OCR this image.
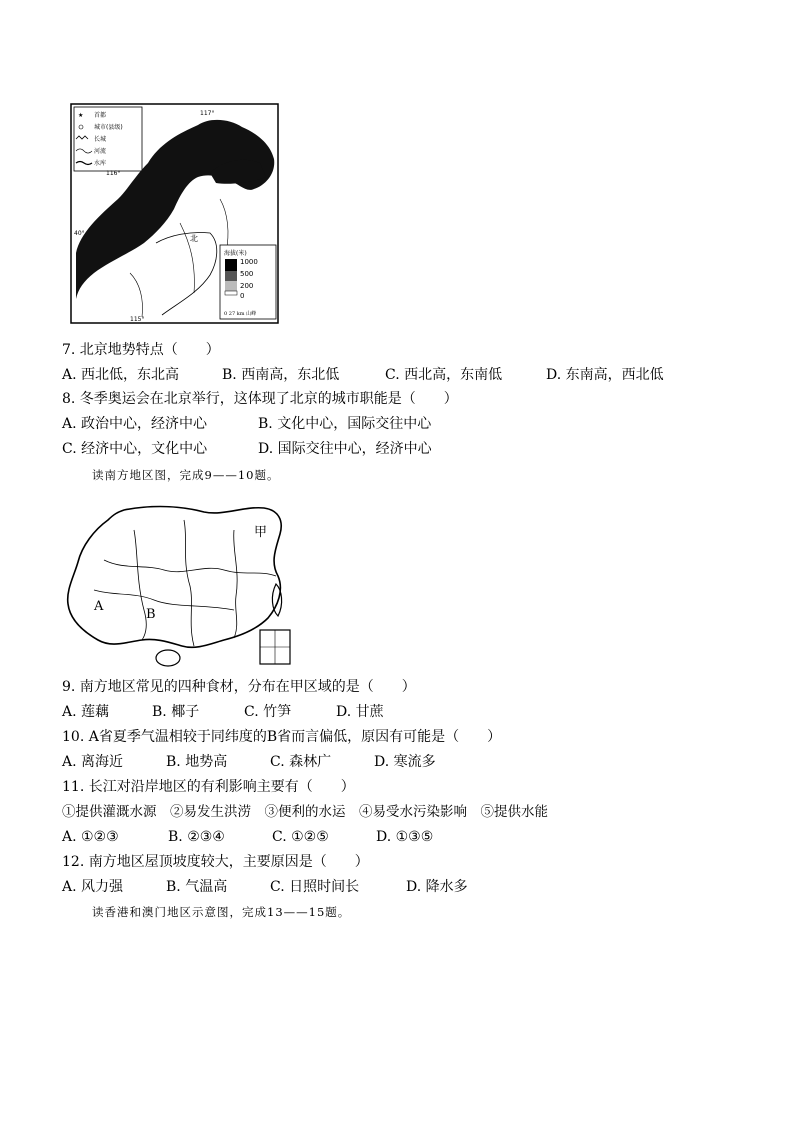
★ 首都
城市(县级)
长城
河流
水库
117°
116°
40°
115°
A
北
海拔(米)
1000
500
200
0
0 27 km 山峰
7. 北京地势特点（　　）
A. 西北低，东北高	B. 西南高，东北低	C. 西北高，东南低	D. 东南高，西北低
8. 冬季奥运会在北京举行，这体现了北京的城市职能是（　　）
A. 政治中心，经济中心	B. 文化中心，国际交往中心
C. 经济中心，文化中心	D. 国际交往中心，经济中心
读南方地区图，完成9——10题。
A
B
甲
9. 南方地区常见的四种食材，分布在甲区域的是（　　）
A. 莲藕	B. 椰子	C. 竹笋	D. 甘蔗
10. A省夏季气温相较于同纬度的B省而言偏低，原因有可能是（　　）
A. 离海近	B. 地势高	C. 森林广	D. 寒流多
11. 长江对沿岸地区的有利影响主要有（　　）
①提供灌溉水源　②易发生洪涝　③便利的水运　④易受水污染影响　⑤提供水能
A. ①②③	B. ②③④	C. ①②⑤	D. ①③⑤
12. 南方地区屋顶坡度较大，主要原因是（　　）
A. 风力强	B. 气温高	C. 日照时间长	D. 降水多
读香港和澳门地区示意图，完成13——15题。
